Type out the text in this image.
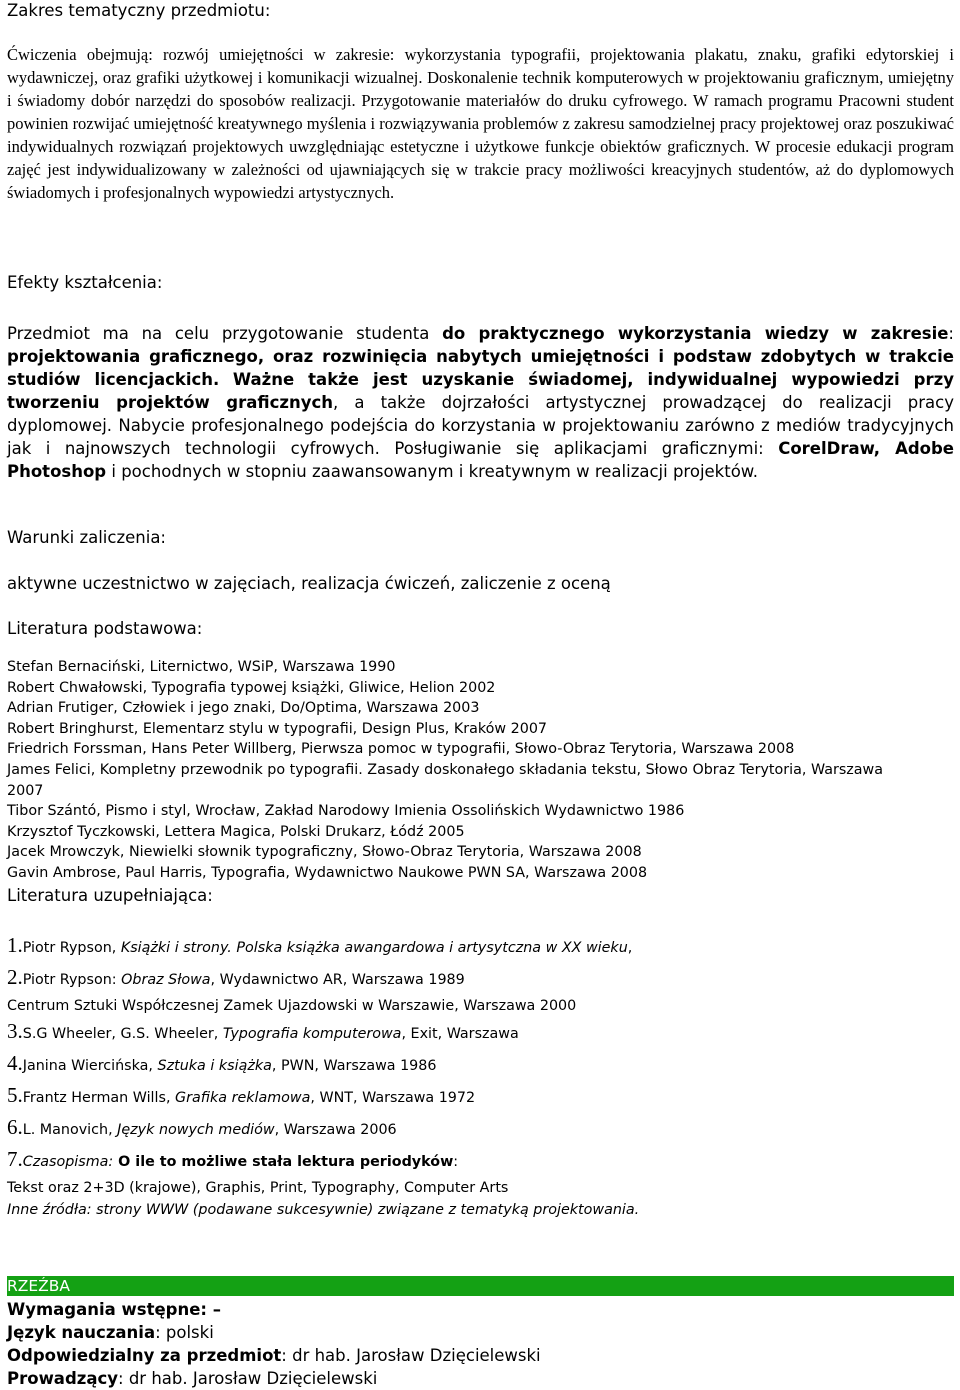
Zakres tematyczny przedmiotu:

Ćwiczenia obejmują: rozwój umiejętności w zakresie: wykorzystania typografii, projektowania plakatu, znaku, grafiki edytorskiej i wydawniczej, oraz grafiki użytkowej i komunikacji wizualnej. Doskonalenie technik komputerowych w projektowaniu graficznym, umiejętny i świadomy dobór narzędzi do sposobów realizacji. Przygotowanie materiałów do druku cyfrowego. W ramach programu Pracowni student powinien rozwijać umiejętność kreatywnego myślenia i rozwiązywania problemów z zakresu samodzielnej pracy projektowej oraz poszukiwać indywidualnych rozwiązań projektowych uwzględniając estetyczne i użytkowe funkcje obiektów graficznych. W procesie edukacji program zajęć jest indywidualizowany w zależności od ujawniających się w trakcie pracy możliwości kreacyjnych studentów, aż do dyplomowych świadomych i profesjonalnych wypowiedzi artystycznych.

Efekty kształcenia:

Przedmiot ma na celu przygotowanie studenta do praktycznego wykorzystania wiedzy w zakresie: projektowania graficznego, oraz rozwinięcia nabytych umiejętności i podstaw zdobytych w trakcie studiów licencjackich. Ważne także jest uzyskanie świadomej, indywidualnej wypowiedzi przy tworzeniu projektów graficznych, a także dojrzałości artystycznej prowadzącej do realizacji pracy dyplomowej. Nabycie profesjonalnego podejścia do korzystania w projektowaniu zarówno z mediów tradycyjnych jak i najnowszych technologii cyfrowych. Posługiwanie się aplikacjami graficznymi: CorelDraw, Adobe Photoshop i pochodnych w stopniu zaawansowanym i kreatywnym w realizacji projektów.

Warunki zaliczenia:
aktywne uczestnictwo w zajęciach, realizacja ćwiczeń, zaliczenie z oceną
Literatura podstawowa:
Stefan Bernaciński, Liternictwo, WSiP, Warszawa 1990
Robert Chwałowski, Typografia typowej książki, Gliwice, Helion 2002
Adrian Frutiger, Człowiek i jego znaki, Do/Optima, Warszawa 2003
Robert Bringhurst, Elementarz stylu w typografii, Design Plus, Kraków 2007
Friedrich Forssman, Hans Peter Willberg, Pierwsza pomoc w typografii, Słowo-Obraz Terytoria, Warszawa 2008
James Felici, Kompletny przewodnik po typografii. Zasady doskonałego składania tekstu, Słowo Obraz Terytoria, Warszawa 2007
Tibor Szántó, Pismo i styl, Wrocław, Zakład Narodowy Imienia Ossolińskich Wydawnictwo 1986
Krzysztof Tyczkowski, Lettera Magica, Polski Drukarz, Łódź 2005
Jacek Mrowczyk, Niewielki słownik typograficzny, Słowo-Obraz Terytoria, Warszawa 2008
Gavin Ambrose, Paul Harris, Typografia, Wydawnictwo Naukowe PWN SA, Warszawa 2008
Literatura uzupełniająca:
1.Piotr Rypson, Książki i strony. Polska książka awangardowa i artysytczna w XX wieku,
2.Piotr Rypson: Obraz Słowa, Wydawnictwo AR, Warszawa 1989
Centrum Sztuki Współczesnej Zamek Ujazdowski w Warszawie, Warszawa 2000
3.S.G Wheeler, G.S. Wheeler, Typografia komputerowa, Exit, Warszawa
4.Janina Wiercińska, Sztuka i książka, PWN, Warszawa 1986
5.Frantz Herman Wills, Grafika reklamowa, WNT, Warszawa 1972
6.L. Manovich, Język nowych mediów, Warszawa 2006
7.Czasopisma: O ile to możliwe stała lektura periodyków:
Tekst oraz 2+3D (krajowe), Graphis, Print, Typography, Computer Arts
Inne źródła: strony WWW (podawane sukcesywnie) związane z tematyką projektowania.
RZEŹBA
Wymagania wstępne: –
Język nauczania: polski
Odpowiedzialny za przedmiot: dr hab. Jarosław Dzięcielewski
Prowadzący: dr hab. Jarosław Dzięcielewski
